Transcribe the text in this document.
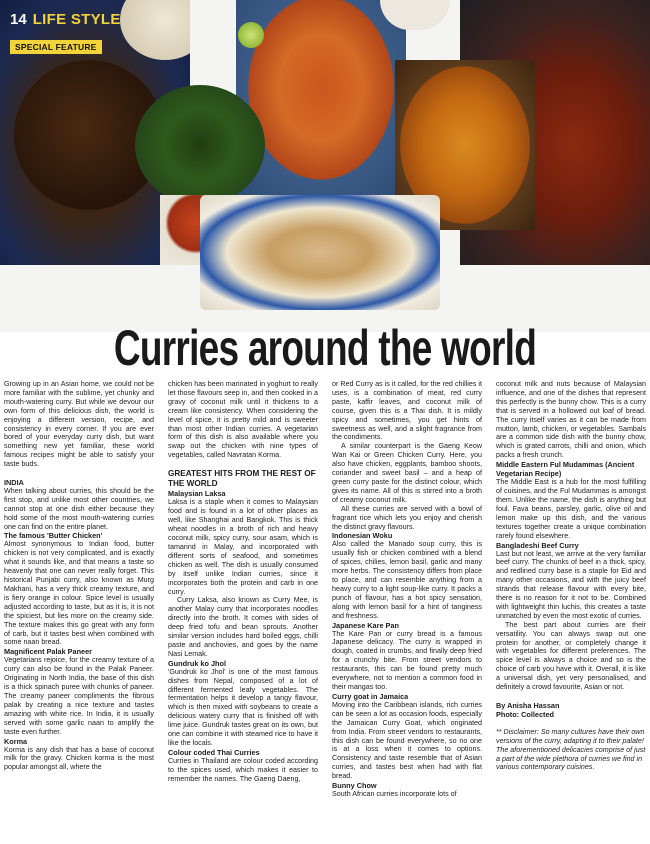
14 LIFE STYLE
SPECIAL FEATURE
Curries around the world

Growing up in an Asian home, we could not be more familiar with the sublime, yet chunky and mouth-watering curry. But while we devour our own form of this delicious dish, the world is enjoying a different version, recipe, and consistency in every corner. If you are ever bored of your everyday curry dish, but want something new yet familiar, these world famous recipes might be able to satisfy your taste buds.

INDIA

When talking about curries, this should be the first stop, and unlike most other countries, we cannot stop at one dish either because they hold some of the most mouth-watering curries one can find on the entire planet.

The famous 'Butter Chicken'

Almost synonymous to Indian food, butter chicken is not very complicated, and is exactly what it sounds like, and that means a taste so heavenly that one can never really forget. This historical Punjabi curry, also known as Murg Makhani, has a very thick creamy texture, and is fiery orange in colour. Spice level is usually adjusted according to taste, but as it is, it is not the spiciest, but lies more on the creamy side. The texture makes this go great with any form of carb, but it tastes best when combined with some naan bread.

Magnificent Palak Paneer

Vegetarians rejoice, for the creamy texture of a curry can also be found in the Palak Paneer. Originating in North India, the base of this dish is a thick spinach puree with chunks of paneer. The creamy paneer compliments the fibrous palak by creating a nice texture and tastes amazing with white rice. In India, it is usually served with some garlic naan to amplify the taste even further.

Korma

Korma is any dish that has a base of coconut milk for the gravy. Chicken korma is the most popular amongst all, where the

chicken has been marinated in yoghurt to really let those flavours seep in, and then cooked in a gravy of coconut milk until it thickens to a cream like consistency. When considering the level of spice, it is pretty mild and is sweeter than most other Indian curries. A vegetarian form of this dish is also available where you swap out the chicken with nine types of vegetables, called Navratan Korma.

GREATEST HITS FROM THE REST OF THE WORLD
Malaysian Laksa

Laksa is a staple when it comes to Malaysian food and is found in a lot of other places as well, like Shanghai and Bangkok. This is thick wheat noodles in a broth of rich and heavy coconut milk, spicy curry, sour asam, which is tamarind in Malay, and incorporated with different sorts of seafood, and sometimes chicken as well. The dish is usually consumed by itself unlike Indian curries, since it incorporates both the protein and carb in one curry.

Curry Laksa, also known as Curry Mee, is another Malay curry that incorporates noodles directly into the broth. It comes with sides of deep fried tofu and bean sprouts. Another similar version includes hard boiled eggs, chilli paste and anchovies, and goes by the name Nasi Lemak.

Gundruk ko Jhol

'Gundruk ko Jhol' is one of the most famous dishes from Nepal, composed of a lot of different fermented leafy vegetables. The fermentation helps it develop a tangy flavour, which is then mixed with soybeans to create a delicious watery curry that is finished off with lime juice. Gundruk tastes great on its own, but one can combine it with steamed rice to have it like the locals.

Colour coded Thai Curries

Curries in Thailand are colour coded according to the spices used, which makes it easier to remember the names. The Gaeng Daeng,

or Red Curry as is it called, for the red chillies it uses, is a combination of meat, red curry paste, kaffir leaves, and coconut milk of course, given this is a Thai dish. It is mildly spicy and sometimes, you get hints of sweetness as well, and a slight fragrance from the condiments.

A similar counterpart is the Gaeng Keow Wan Kai or Green Chicken Curry. Here, you also have chicken, eggplants, bamboo shoots, coriander and sweet basil – and a heap of green curry paste for the distinct colour, which gives its name. All of this is stirred into a broth of creamy coconut milk.

All these curries are served with a bowl of fragrant rice which lets you enjoy and cherish the distinct gravy flavours.

Indonesian Woku

Also called the Manado soup curry, this is usually fish or chicken combined with a blend of spices, chilies, lemon basil, garlic and many more herbs. The consistency differs from place to place, and can resemble anything from a heavy curry to a light soup-like curry. It packs a punch of flavour, has a hot spicy sensation, along with lemon basil for a hint of tanginess and freshness.

Japanese Kare Pan

The Kare Pan or curry bread is a famous Japanese delicacy. The curry is wrapped in dough, coated in crumbs, and finally deep fried for a crunchy bite. From street vendors to restaurants, this can be found pretty much everywhere, not to mention a common food in their mangas too.

Curry goat in Jamaica

Moving into the Caribbean islands, rich curries can be seen a lot as occasion foods, especially the Jamaican Curry Goat, which originated from India. From street vendors to restaurants, this dish can be found everywhere, so no one is at a loss when it comes to options. Consistency and taste resemble that of Asian curries, and tastes best when had with flat bread.

Bunny Chow

South African curries incorporate lots of

coconut milk and nuts because of Malaysian influence, and one of the dishes that represent this perfectly is the bunny chow. This is a curry that is served in a hollowed out loaf of bread. The curry itself varies as it can be made from mutton, lamb, chicken, or vegetables. Sambals are a common side dish with the bunny chow, which is grated carrots, chilli and onion, which packs a fresh crunch.

Middle Eastern Ful Mudammas (Ancient Vegetarian Recipe)

The Middle East is a hub for the most fulfilling of cuisines, and the Ful Mudammas is amongst them. Unlike the name, the dish is anything but foul. Fava beans, parsley, garlic, olive oil and lemon make up this dish, and the various textures together create a unique combination rarely found elsewhere.

Bangladeshi Beef Curry

Last but not least, we arrive at the very familiar beef curry. The chunks of beef in a thick, spicy, and redlined curry base is a staple for Eid and many other occasions, and with the juicy beef strands that release flavour with every bite, there is no reason for it not to be. Combined with lightweight thin luchis, this creates a taste unmatched by even the most exotic of curries.

The best part about curries are their versatility. You can always swap out one protein for another, or completely change it with vegetables for different preferences. The spice level is always a choice and so is the choice of carb you have with it. Overall, it is like a universal dish, yet very personalised, and definitely a crowd favourite, Asian or not.

By Anisha Hassan
Photo: Collected

** Disclaimer: So many cultures have their own versions of the curry, adapting it to their palate! The aforementioned delicacies comprise of just a part of the wide plethora of curries we find in various contemporary cuisines.
